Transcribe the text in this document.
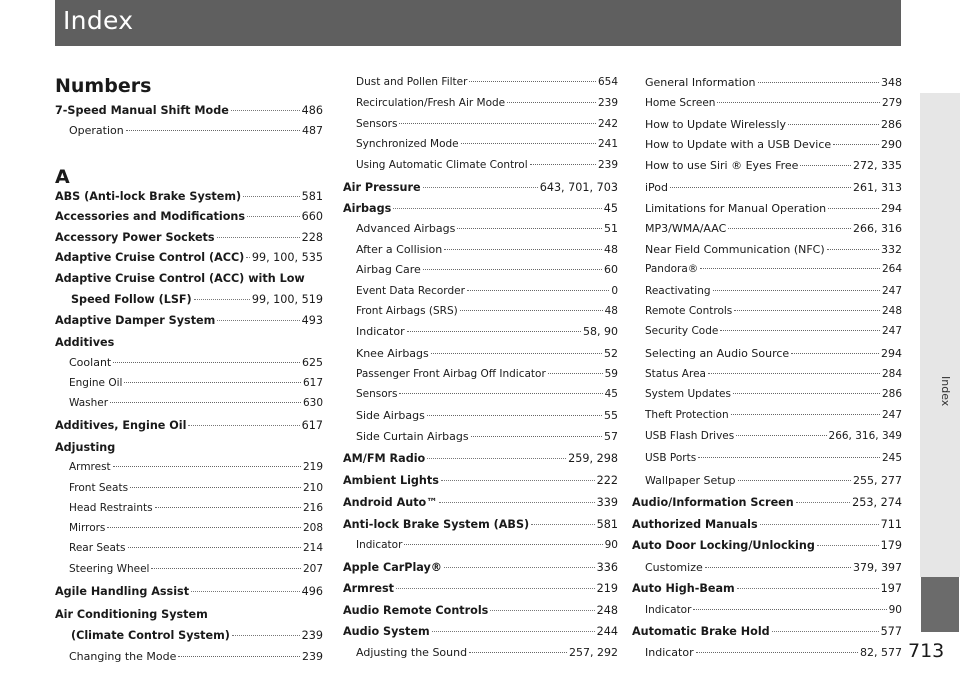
Index
Index
713
Numbers
A
7-Speed Manual Shift Mode	486
Operation	487
ABS (Anti-lock Brake System)	581
Accessories and Modifications	660
Accessory Power Sockets	228
Adaptive Cruise Control (ACC) 99, 100, 535
Adaptive Cruise Control (ACC) with Low
Speed Follow (LSF)	99, 100, 519
Adaptive Damper System	493
Additives
Coolant	625
Engine Oil	617
Washer	630
Additives, Engine Oil	617
Adjusting
Armrest	219
Front Seats	210
Head Restraints	216
Mirrors	208
Rear Seats	214
Steering Wheel	207
Agile Handling Assist	496
Air Conditioning System
(Climate Control System)	239
Changing the Mode	239
Dust and Pollen Filter	654
Recirculation/Fresh Air Mode	239
Sensors	242
Synchronized Mode	241
Using Automatic Climate Control	239
Air Pressure	643, 701, 703
Airbags	45
Advanced Airbags	51
After a Collision	48
Airbag Care	60
Event Data Recorder	0
Front Airbags (SRS)	48
Indicator	58, 90
Knee Airbags	52
Passenger Front Airbag Off Indicator	59
Sensors	45
Side Airbags	55
Side Curtain Airbags	57
AM/FM Radio	259, 298
Ambient Lights	222
Android Auto™	339
Anti-lock Brake System (ABS)	581
Indicator	90
Apple CarPlay®	336
Armrest	219
Audio Remote Controls	248
Audio System	244
Adjusting the Sound	257, 292
General Information	348
Home Screen	279
How to Update Wirelessly	286
How to Update with a USB Device	290
How to use Siri ® Eyes Free	272, 335
iPod	261, 313
Limitations for Manual Operation	294
MP3/WMA/AAC	266, 316
Near Field Communication (NFC)	332
Pandora®	264
Reactivating	247
Remote Controls	248
Security Code	247
Selecting an Audio Source	294
Status Area	284
System Updates	286
Theft Protection	247
USB Flash Drives	266, 316, 349
USB Ports	245
Wallpaper Setup	255, 277
Audio/Information Screen	253, 274
Authorized Manuals	711
Auto Door Locking/Unlocking	179
Customize	379, 397
Auto High-Beam	197
Indicator	90
Automatic Brake Hold	577
Indicator	82, 577
